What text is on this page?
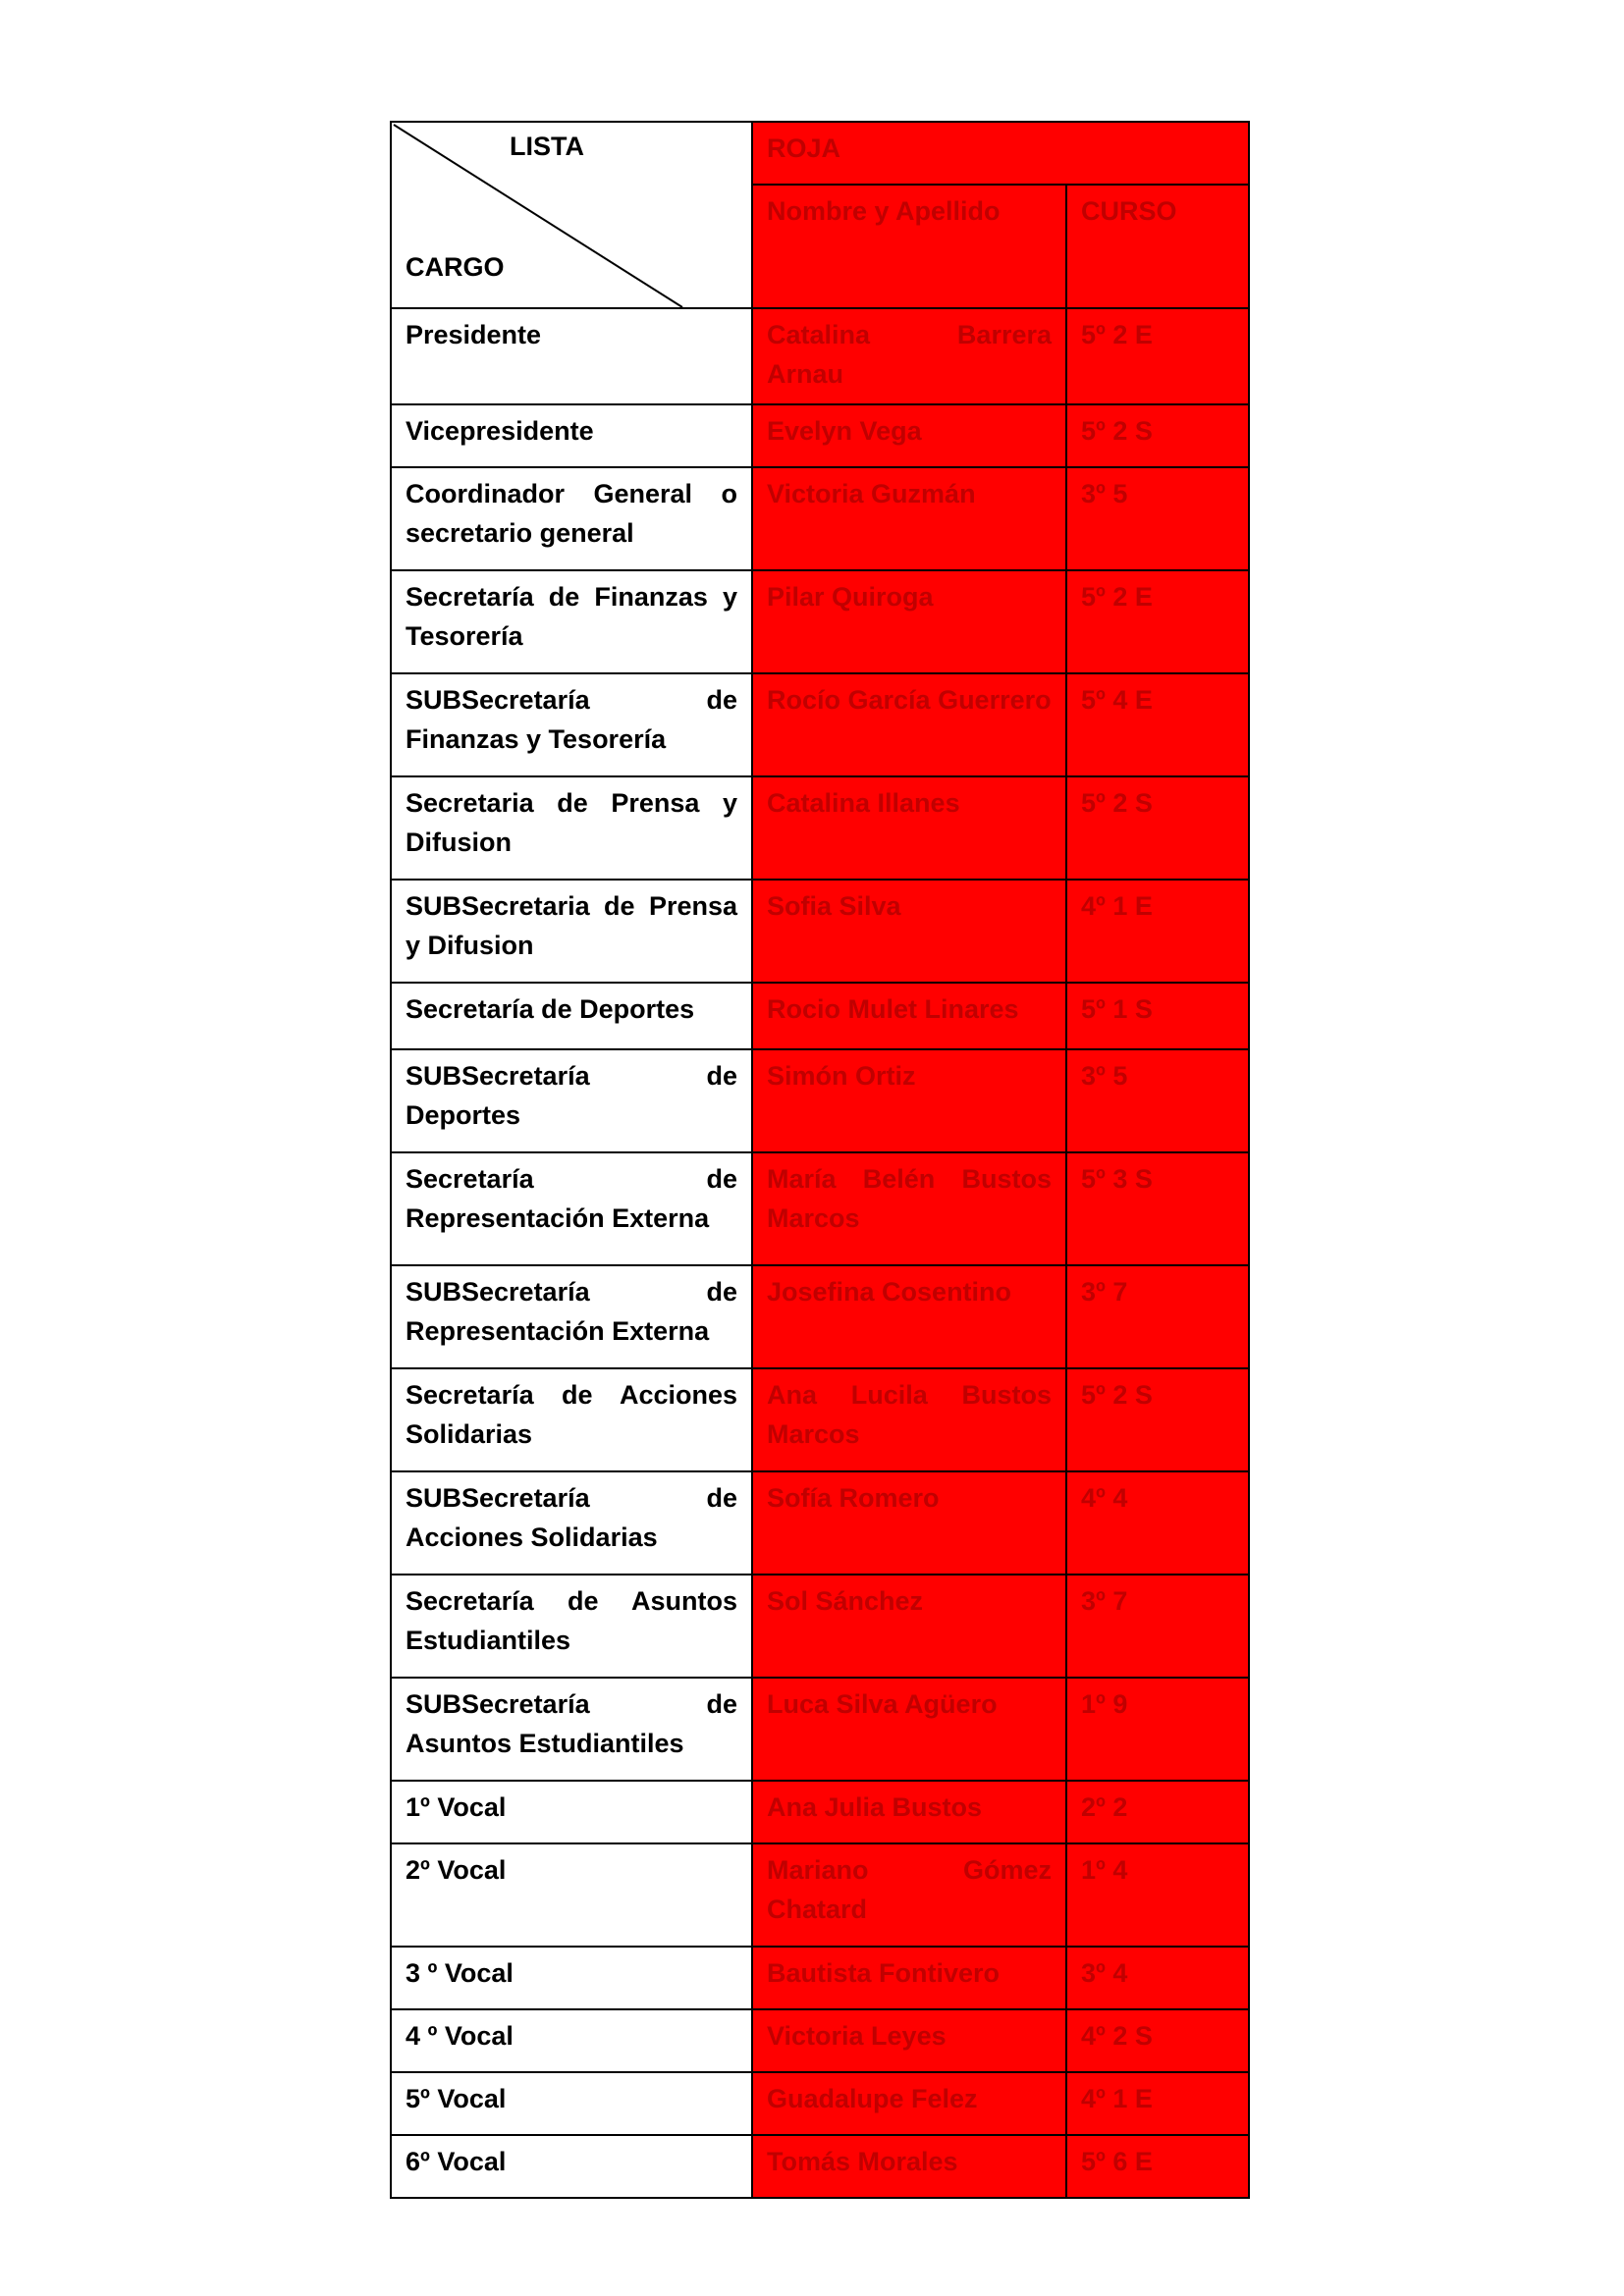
LISTA
CARGO	ROJA	
	Nombre y Apellido	CURSO
Presidente	Catalina Barrera Arnau	5º 2 E
Vicepresidente	Evelyn Vega	5º 2 S
Coordinador General o secretario general	Victoria Guzmán	3º 5
Secretaría de Finanzas y Tesorería	Pilar Quiroga	5º 2 E
SUBSecretaría de Finanzas y Tesorería	Rocío García Guerrero	5º 4 E
Secretaria de Prensa y Difusion	Catalina Illanes	5º 2 S
SUBSecretaria de Prensa y Difusion	Sofia Silva	4º 1 E
Secretaría de Deportes	Rocio Mulet Linares	5º 1 S
SUBSecretaría de Deportes	Simón Ortiz	3º 5
Secretaría de Representación Externa	María Belén Bustos Marcos	5º 3 S
SUBSecretaría de Representación Externa	Josefina Cosentino	3º 7
Secretaría de Acciones Solidarias	Ana Lucila Bustos Marcos	5º 2 S
SUBSecretaría de Acciones Solidarias	Sofía Romero	4º 4
Secretaría de Asuntos Estudiantiles	Sol Sánchez	3º 7
SUBSecretaría de Asuntos Estudiantiles	Luca Silva Agüero	1º 9
1º Vocal	Ana Julia Bustos	2º 2
2º Vocal	Mariano Gómez Chatard	1º 4
3 º Vocal	Bautista Fontivero	3º 4
4 º Vocal	Victoria Leyes	4º 2 S
5º Vocal	Guadalupe Felez	4º 1 E
6º Vocal	Tomás Morales	5º 6 E
